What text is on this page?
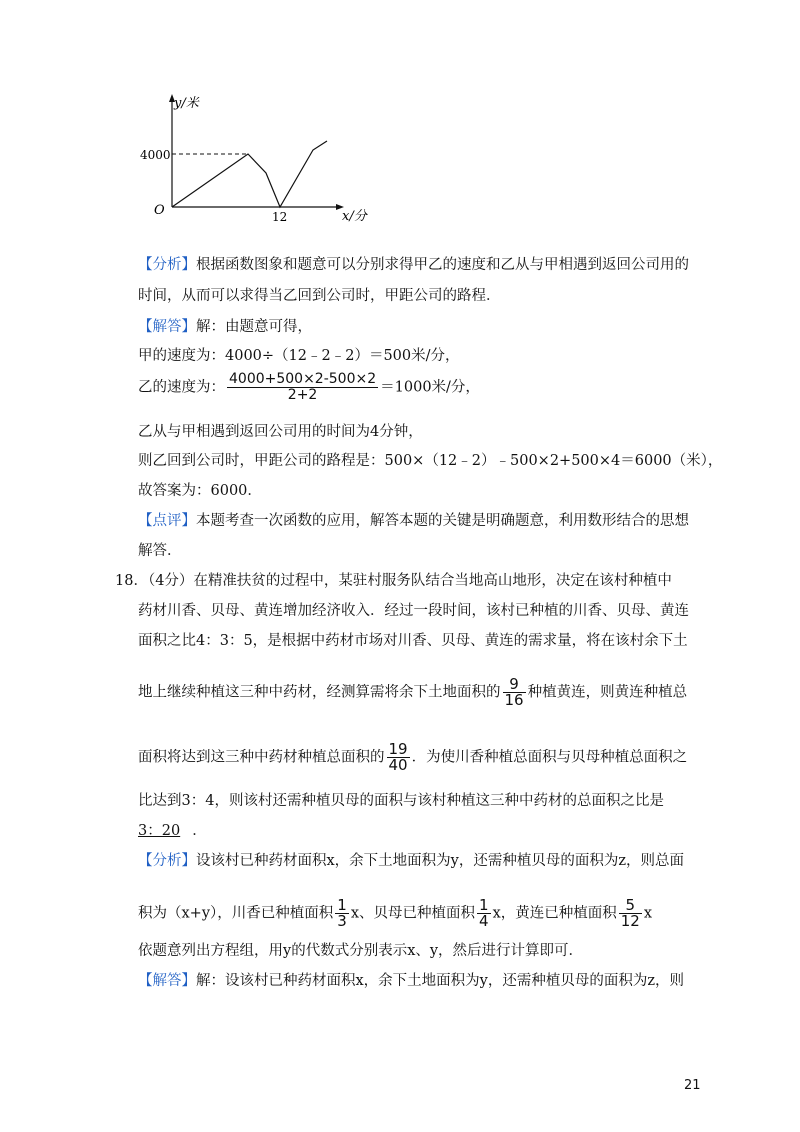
y/米
4000
O	12	x/分
【分析】根据函数图象和题意可以分别求得甲乙的速度和乙从与甲相遇到返回公司用的
时间，从而可以求得当乙回到公司时，甲距公司的路程．
【解答】解：由题意可得，
甲的速度为：4000÷（12﹣2﹣2）＝500米/分，
乙的速度为： $\frac{4000+500\times 2-500\times 2}{2+2} =1000$米/分，
乙从与甲相遇到返回公司用的时间为4分钟，
则乙回到公司时，甲距公司的路程是：500×（12﹣2）﹣500×2+500×4＝6000（米），
故答案为：6000．
【点评】本题考查一次函数的应用，解答本题的关键是明确题意，利用数形结合的思想
解答．
18．（4分）在精准扶贫的过程中，某驻村服务队结合当地高山地形，决定在该村种植中
药材川香、贝母、黄连增加经济收入．经过一段时间，该村已种植的川香、贝母、黄连
面积之比4：3：5，是根据中药材市场对川香、贝母、黄连的需求量，将在该村余下土
地上继续种植这三种中药材，经测算需将余下土地面积的 $\frac{9}{16}$ 种植黄连，则黄连种植总
面积将达到这三种中药材种植总面积的 $\frac{19}{40}$ ．为使川香种植总面积与贝母种植总面积之
比达到3：4，则该村还需种植贝母的面积与该村种植这三种中药材的总面积之比是
3：20 ．
【分析】设该村已种药材面积x，余下土地面积为y，还需种植贝母的面积为z，则总面
积为（x+y），川香已种植面积 $\frac{1}{3}$ x、贝母已种植面积 $\frac{1}{4}$ x，黄连已种植面积 $\frac{5}{12}$ x
依题意列出方程组，用y的代数式分别表示x、y，然后进行计算即可．
【解答】解：设该村已种药材面积x，余下土地面积为y，还需种植贝母的面积为z，则
21
